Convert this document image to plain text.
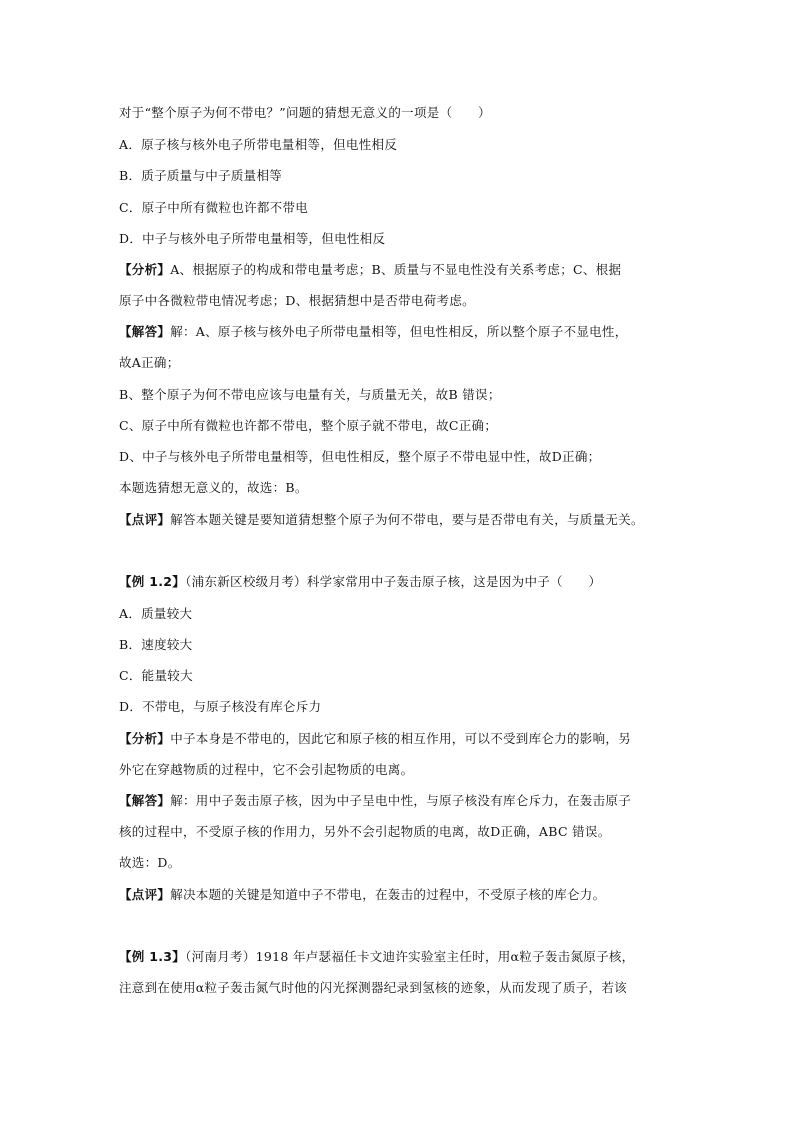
对于“整个原子为何不带电？”问题的猜想无意义的一项是（　　）
A．原子核与核外电子所带电量相等，但电性相反
B．质子质量与中子质量相等
C．原子中所有微粒也许都不带电
D．中子与核外电子所带电量相等，但电性相反
【分析】A、根据原子的构成和带电量考虑；B、质量与不显电性没有关系考虑；C、根据
原子中各微粒带电情况考虑；D、根据猜想中是否带电荷考虑。
【解答】解：A、原子核与核外电子所带电量相等，但电性相反，所以整个原子不显电性，
故A正确；
B、整个原子为何不带电应该与电量有关，与质量无关，故B 错误；
C、原子中所有微粒也许都不带电，整个原子就不带电，故C正确；
D、中子与核外电子所带电量相等，但电性相反，整个原子不带电显中性，故D正确；
本题选猜想无意义的，故选：B。
【点评】解答本题关键是要知道猜想整个原子为何不带电，要与是否带电有关，与质量无关。
【例 1.2】（浦东新区校级月考）科学家常用中子轰击原子核，这是因为中子（　　）
A．质量较大
B．速度较大
C．能量较大
D．不带电，与原子核没有库仑斥力
【分析】中子本身是不带电的，因此它和原子核的相互作用，可以不受到库仑力的影响，另
外它在穿越物质的过程中，它不会引起物质的电离。
【解答】解：用中子轰击原子核，因为中子呈电中性，与原子核没有库仑斥力，在轰击原子
核的过程中，不受原子核的作用力，另外不会引起物质的电离，故D正确，ABC 错误。
故选：D。
【点评】解决本题的关键是知道中子不带电，在轰击的过程中，不受原子核的库仑力。
【例 1.3】（河南月考）1918 年卢瑟福任卡文迪许实验室主任时，用α粒子轰击氮原子核，
注意到在使用α粒子轰击氮气时他的闪光探测器纪录到氢核的迹象，从而发现了质子，若该
